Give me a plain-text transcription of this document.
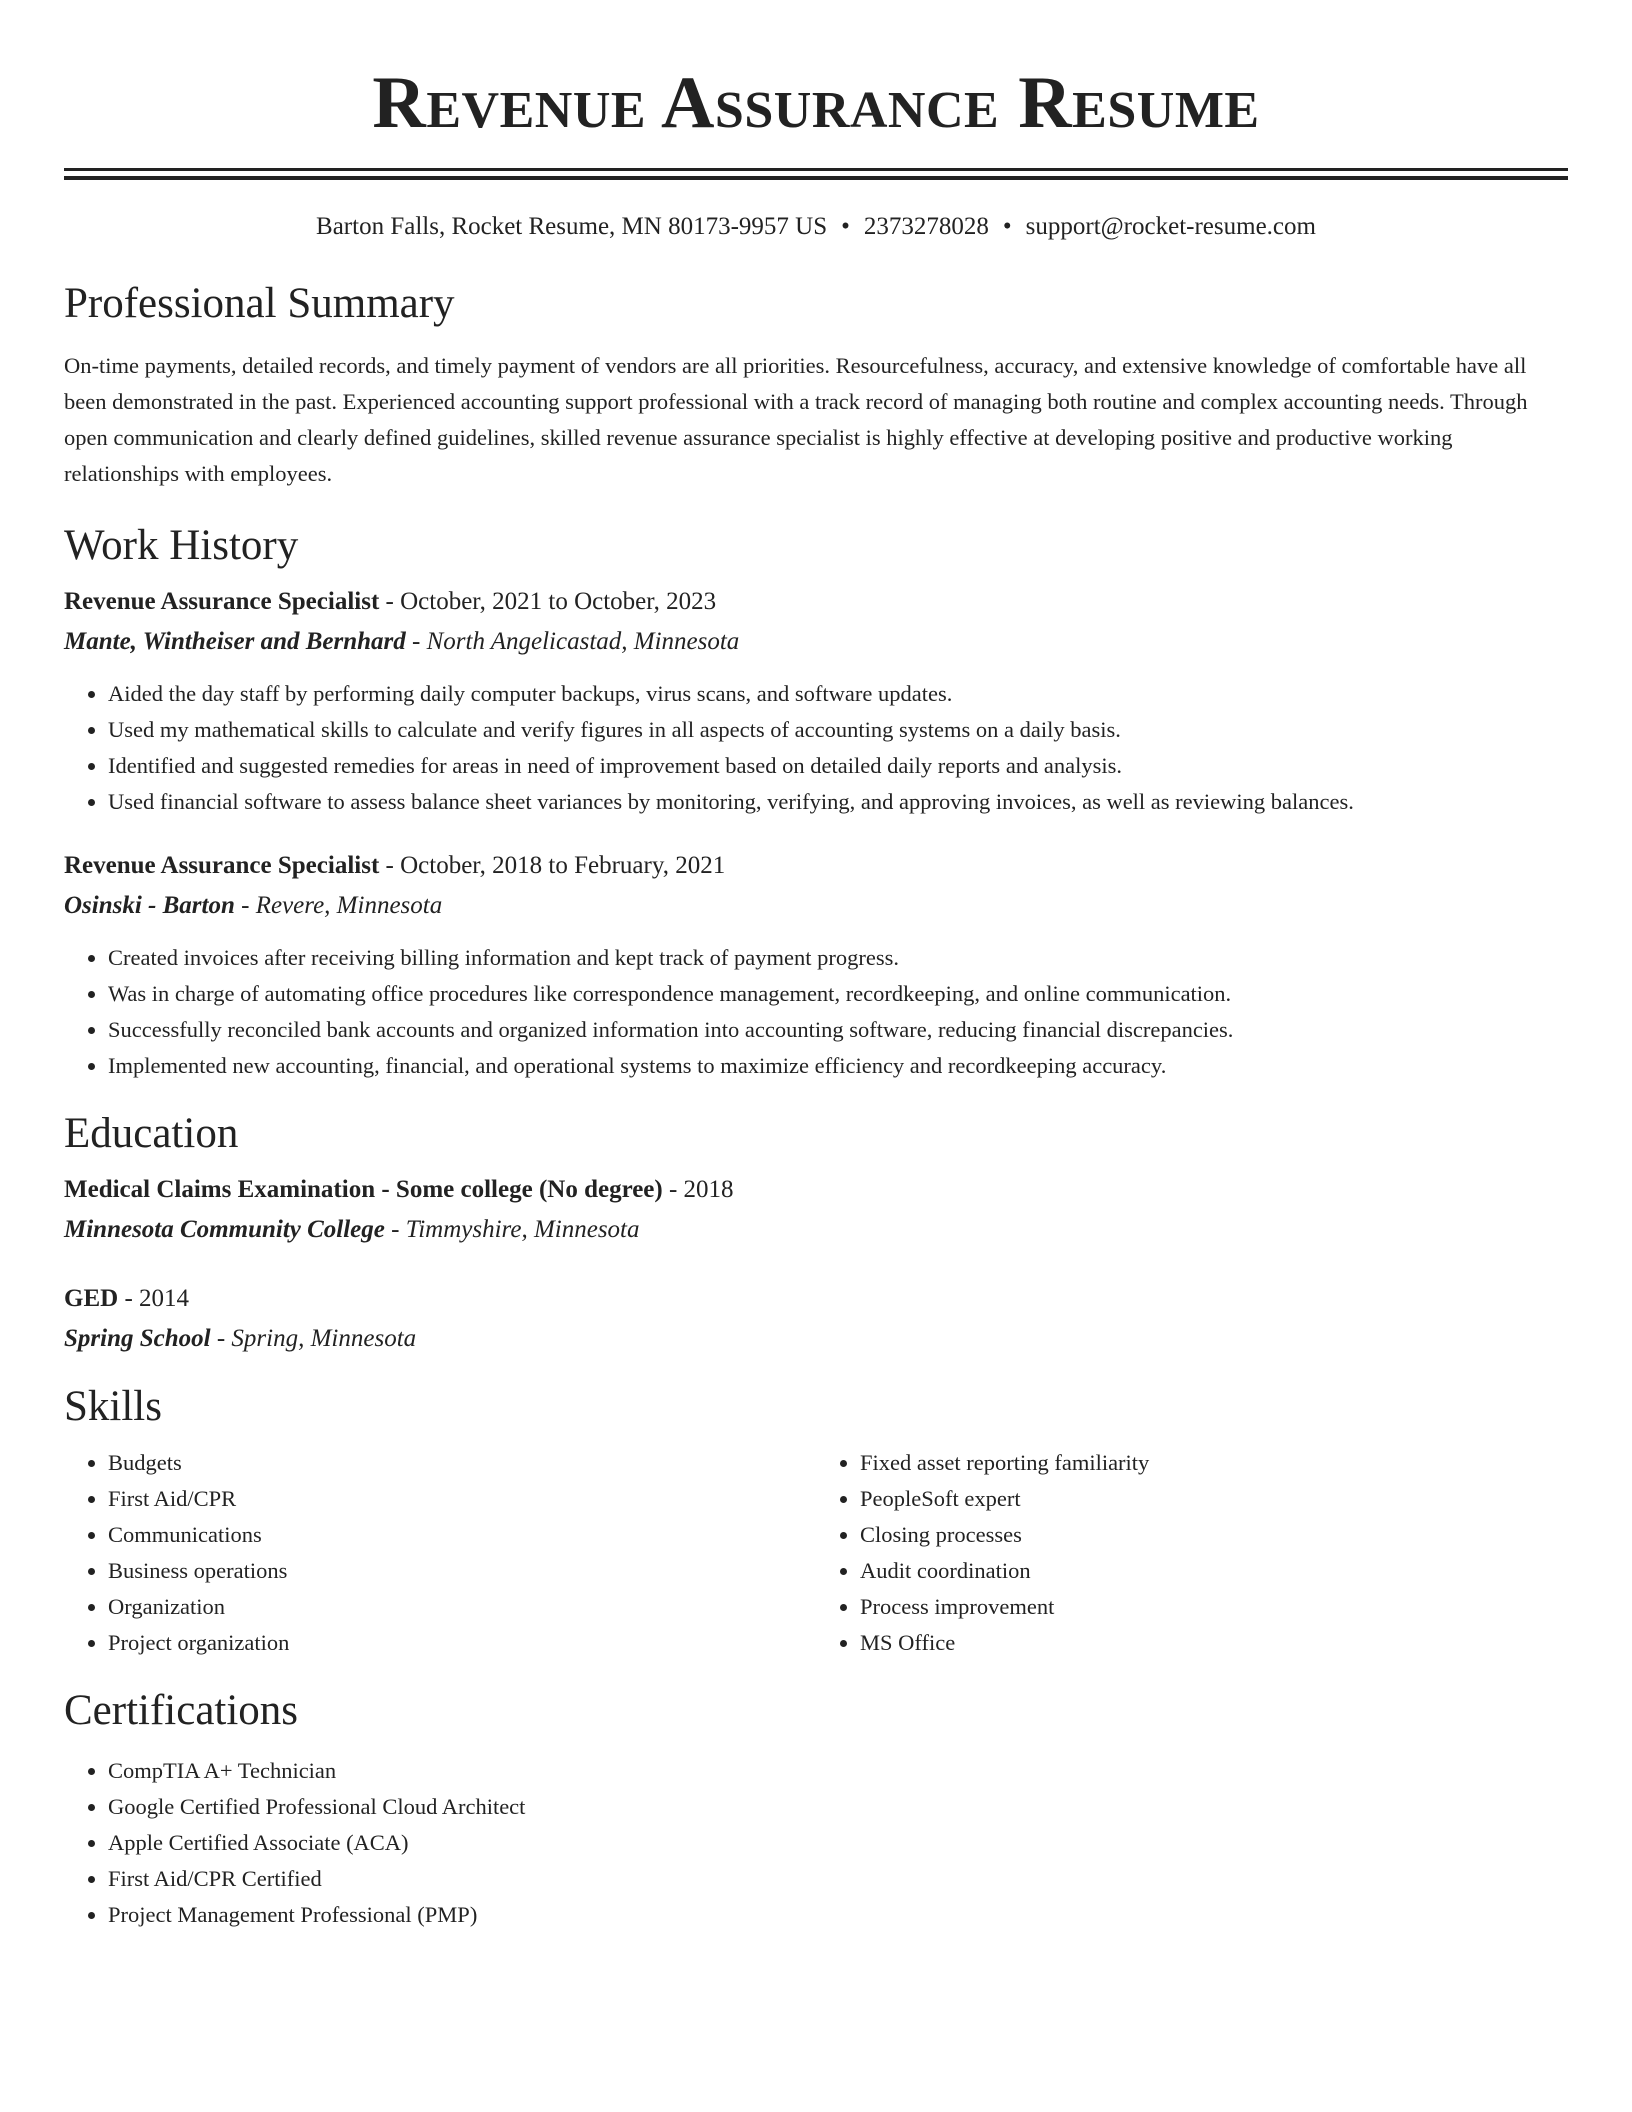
Revenue Assurance Resume
Barton Falls, Rocket Resume, MN 80173-9957 US • 2373278028 • support@rocket-resume.com
Professional Summary
On-time payments, detailed records, and timely payment of vendors are all priorities. Resourcefulness, accuracy, and extensive knowledge of comfortable have all been demonstrated in the past. Experienced accounting support professional with a track record of managing both routine and complex accounting needs. Through open communication and clearly defined guidelines, skilled revenue assurance specialist is highly effective at developing positive and productive working relationships with employees.
Work History
Revenue Assurance Specialist - October, 2021 to October, 2023
Mante, Wintheiser and Bernhard - North Angelicastad, Minnesota
• Aided the day staff by performing daily computer backups, virus scans, and software updates.
• Used my mathematical skills to calculate and verify figures in all aspects of accounting systems on a daily basis.
• Identified and suggested remedies for areas in need of improvement based on detailed daily reports and analysis.
• Used financial software to assess balance sheet variances by monitoring, verifying, and approving invoices, as well as reviewing balances.
Revenue Assurance Specialist - October, 2018 to February, 2021
Osinski - Barton - Revere, Minnesota
• Created invoices after receiving billing information and kept track of payment progress.
• Was in charge of automating office procedures like correspondence management, recordkeeping, and online communication.
• Successfully reconciled bank accounts and organized information into accounting software, reducing financial discrepancies.
• Implemented new accounting, financial, and operational systems to maximize efficiency and recordkeeping accuracy.
Education
Medical Claims Examination - Some college (No degree) - 2018
Minnesota Community College - Timmyshire, Minnesota
GED - 2014
Spring School - Spring, Minnesota
Skills
• Budgets
• First Aid/CPR
• Communications
• Business operations
• Organization
• Project organization
• Fixed asset reporting familiarity
• PeopleSoft expert
• Closing processes
• Audit coordination
• Process improvement
• MS Office
Certifications
• CompTIA A+ Technician
• Google Certified Professional Cloud Architect
• Apple Certified Associate (ACA)
• First Aid/CPR Certified
• Project Management Professional (PMP)
